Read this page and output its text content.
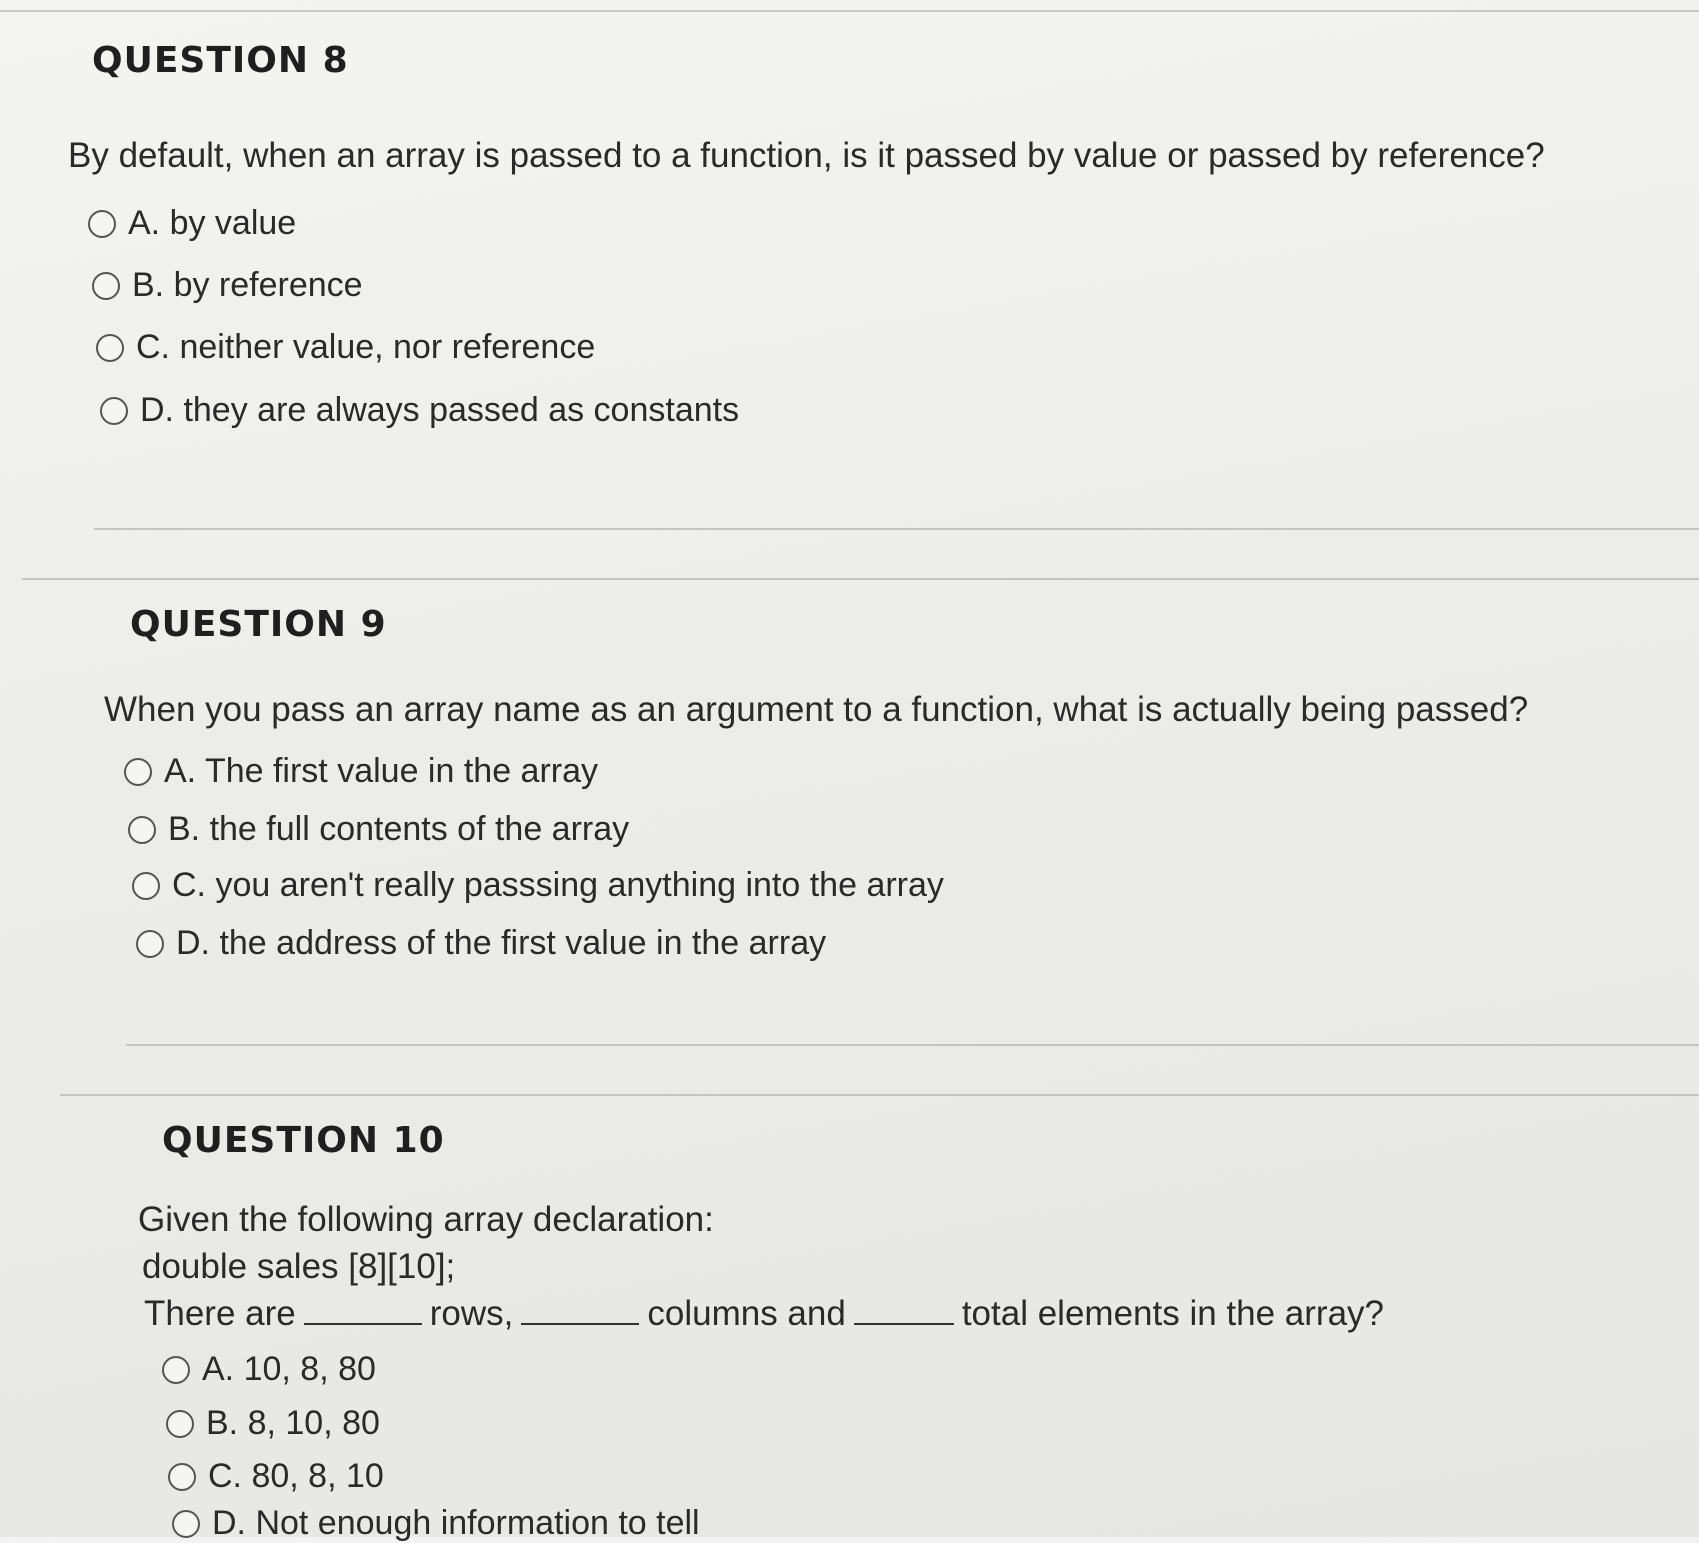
QUESTION 8

By default, when an array is passed to a function, is it passed by value or passed by reference?

A. by value
B. by reference
C. neither value, nor reference
D. they are always passed as constants
QUESTION 9

When you pass an array name as an argument to a function, what is actually being passed?

A. The first value in the array
B. the full contents of the array
C. you aren't really passsing anything into the array
D. the address of the first value in the array
QUESTION 10

Given the following array declaration:

double sales [8][10];

There are	rows,	columns and	total elements in the array?

A. 10, 8, 80
B. 8, 10, 80
C. 80, 8, 10
D. Not enough information to tell
